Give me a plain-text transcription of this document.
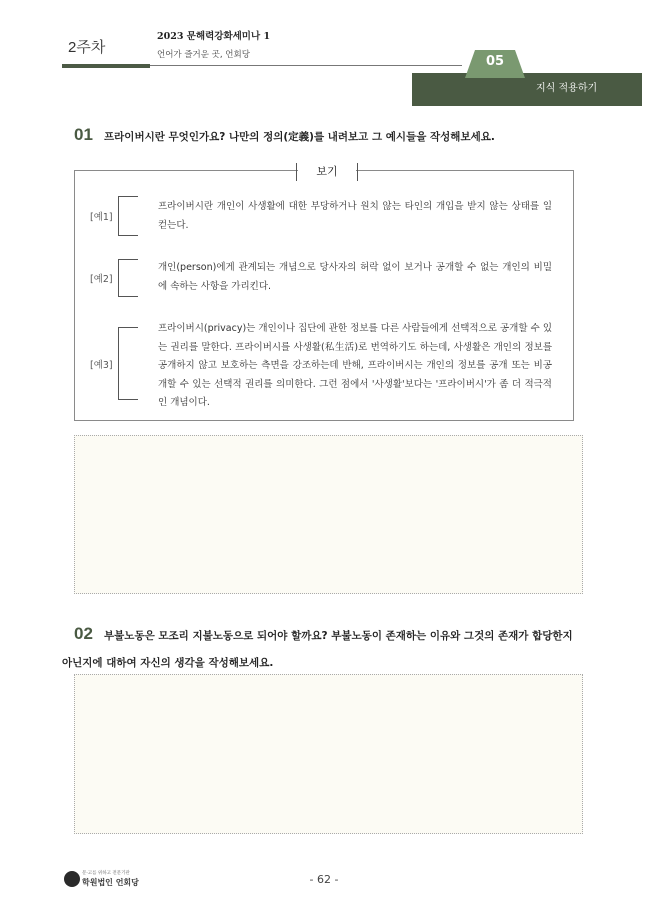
2주차
2023 문해력강화세미나 1
언어가 즐거운 곳, 언회당	05
지식 적용하기
01 프라이버시란 무엇인가요? 나만의 정의(定義)를 내려보고 그 예시들을 작성해보세요.
보기
[예1]
프라이버시란 개인이 사생활에 대한 부당하거나 원치 않는 타인의 개입을 받지 않는 상태를 일컫는다.
[예2]
개인(person)에게 관계되는 개념으로 당사자의 허락 없이 보거나 공개할 수 없는 개인의 비밀에 속하는 사항을 가리킨다.
[예3]
프라이버시(privacy)는 개인이나 집단에 관한 정보를 다른 사람들에게 선택적으로 공개할 수 있는 권리를 말한다. 프라이버시를 사생활(私生活)로 번역하기도 하는데, 사생활은 개인의 정보를 공개하지 않고 보호하는 측면을 강조하는데 반해, 프라이버시는 개인의 정보를 공개 또는 비공개할 수 있는 선택적 권리를 의미한다. 그런 점에서 '사생활'보다는 '프라이버시'가 좀 더 적극적인 개념이다.
02 부불노동은 모조리 지불노동으로 되어야 할까요? 부불노동이 존재하는 이유와 그것의 존재가 합당한지
아닌지에 대하여 자신의 생각을 작성해보세요.
문·고를 위하고 전문기관
학원법인 언회당	- 62 -
